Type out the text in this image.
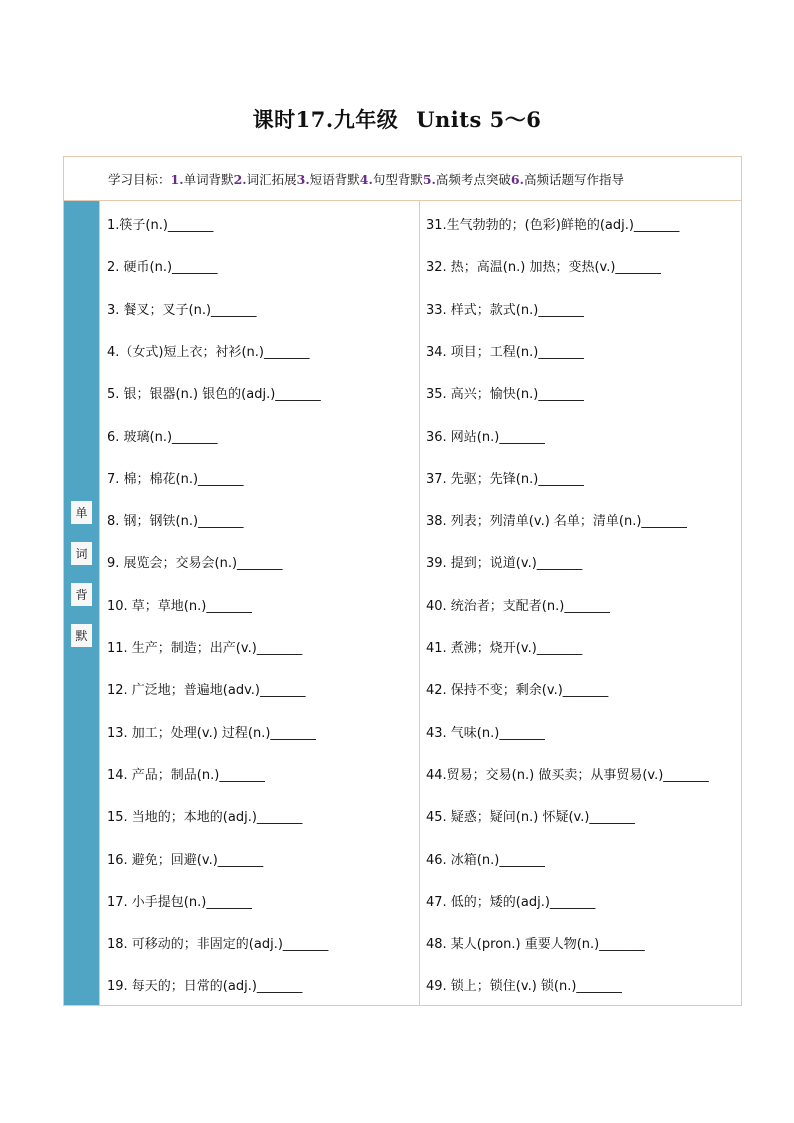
课时17.九年级 Units 5～6
学习目标： 1.单词背默 2.词汇拓展 3.短语背默 4.句型背默 5.高频考点突破 6.高频话题写作指导
单
词
背
默
1.筷子(n.)_______
2. 硬币(n.)_______
3. 餐叉；叉子(n.)_______
4.（女式)短上衣；衬衫(n.)_______
5. 银；银器(n.) 银色的(adj.)_______
6. 玻璃(n.)_______
7. 棉；棉花(n.)_______
8. 钢；钢铁(n.)_______
9. 展览会；交易会(n.)_______
10. 草；草地(n.)_______
11. 生产；制造；出产(v.)_______
12. 广泛地；普遍地(adv.)_______
13. 加工；处理(v.) 过程(n.)_______
14. 产品；制品(n.)_______
15. 当地的；本地的(adj.)_______
16. 避免；回避(v.)_______
17. 小手提包(n.)_______
18. 可移动的；非固定的(adj.)_______
19. 每天的；日常的(adj.)_______
31.生气勃勃的；(色彩)鲜艳的(adj.)_______
32. 热；高温(n.) 加热；变热(v.)_______
33. 样式；款式(n.)_______
34. 项目；工程(n.)_______
35. 高兴；愉快(n.)_______
36. 网站(n.)_______
37. 先驱；先锋(n.)_______
38. 列表；列清单(v.) 名单；清单(n.)_______
39. 提到；说道(v.)_______
40. 统治者；支配者(n.)_______
41. 煮沸；烧开(v.)_______
42. 保持不变；剩余(v.)_______
43. 气味(n.)_______
44.贸易；交易(n.) 做买卖；从事贸易(v.)_______
45. 疑惑；疑问(n.) 怀疑(v.)_______
46. 冰箱(n.)_______
47. 低的；矮的(adj.)_______
48. 某人(pron.) 重要人物(n.)_______
49. 锁上；锁住(v.) 锁(n.)_______
